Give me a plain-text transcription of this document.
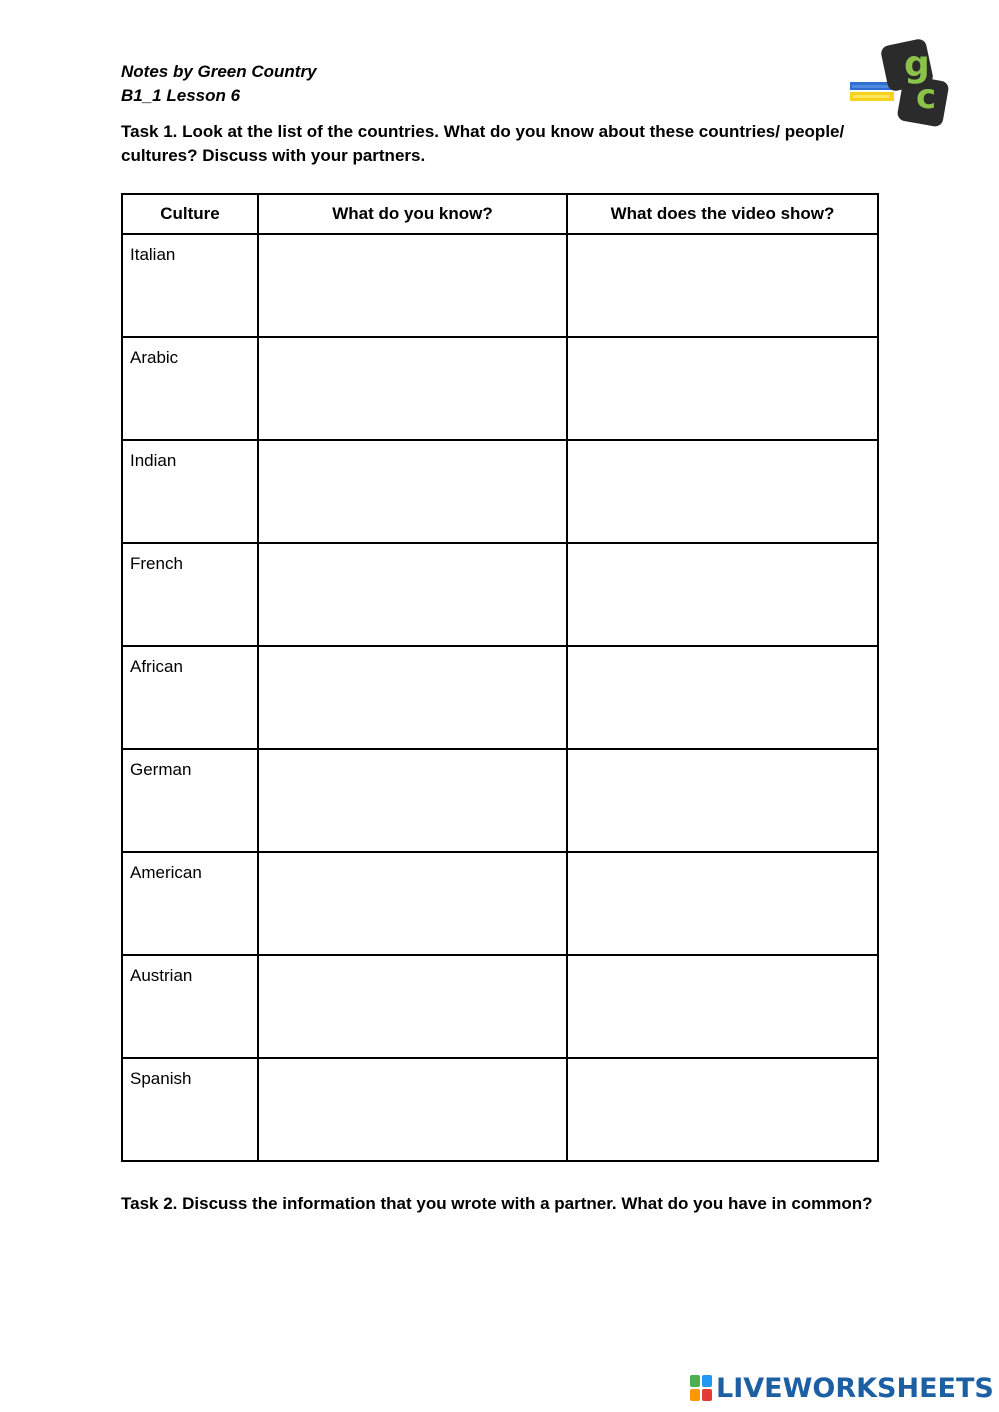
Notes by Green Country
B1_1 Lesson 6
g
c
Task 1. Look at the list of the countries. What do you know about these countries/ people/ cultures? Discuss with your partners.
Culture	What do you know?	What does the video show?

Italian		

Arabic		

Indian		

French		

African		

German		

American		

Austrian		

Spanish		

Task 2. Discuss the information that you wrote with a partner. What do you have in common?
LIVEWORKSHEETS
